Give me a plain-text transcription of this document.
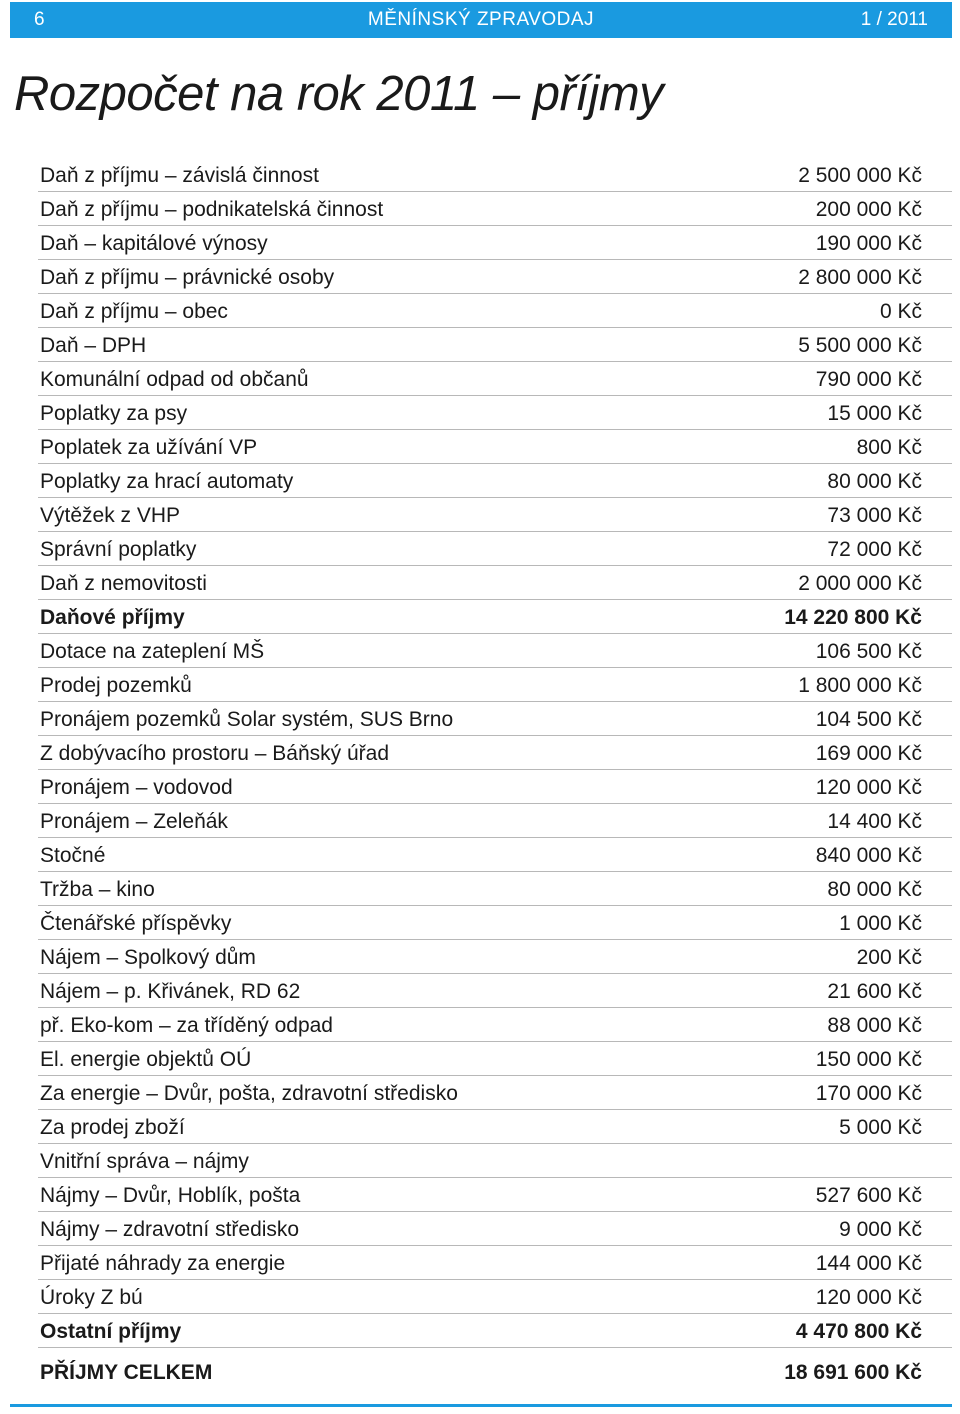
MĚNÍNSKÝ ZPRAVODAJ
6	1 / 2011
Rozpočet na rok 2011 – příjmy
Daň z příjmu – závislá činnost	2 500 000 Kč
Daň z příjmu – podnikatelská činnost	200 000 Kč
Daň – kapitálové výnosy	190 000 Kč
Daň z příjmu – právnické osoby	2 800 000 Kč
Daň z příjmu – obec	0 Kč
Daň – DPH	5 500 000 Kč
Komunální odpad od občanů	790 000 Kč
Poplatky za psy	15 000 Kč
Poplatek za užívání VP	800 Kč
Poplatky za hrací automaty	80 000 Kč
Výtěžek z VHP	73 000 Kč
Správní poplatky	72 000 Kč
Daň z nemovitosti	2 000 000 Kč
Daňové příjmy	14 220 800 Kč
Dotace na zateplení MŠ	106 500 Kč
Prodej pozemků	1 800 000 Kč
Pronájem pozemků Solar systém, SUS Brno	104 500 Kč
Z dobývacího prostoru – Báňský úřad	169 000 Kč
Pronájem – vodovod	120 000 Kč
Pronájem – Zeleňák	14 400 Kč
Stočné	840 000 Kč
Tržba – kino	80 000 Kč
Čtenářské příspěvky	1 000 Kč
Nájem – Spolkový dům	200 Kč
Nájem – p. Křivánek, RD 62	21 600 Kč
př. Eko-kom – za tříděný odpad	88 000 Kč
El. energie objektů OÚ	150 000 Kč
Za energie – Dvůr, pošta, zdravotní středisko	170 000 Kč
Za prodej zboží	5 000 Kč
Vnitřní správa – nájmy
Nájmy – Dvůr, Hoblík, pošta	527 600 Kč
Nájmy – zdravotní středisko	9 000 Kč
Přijaté náhrady za energie	144 000 Kč
Úroky Z bú	120 000 Kč
Ostatní příjmy	4 470 800 Kč
PŘÍJMY CELKEM	18 691 600 Kč
